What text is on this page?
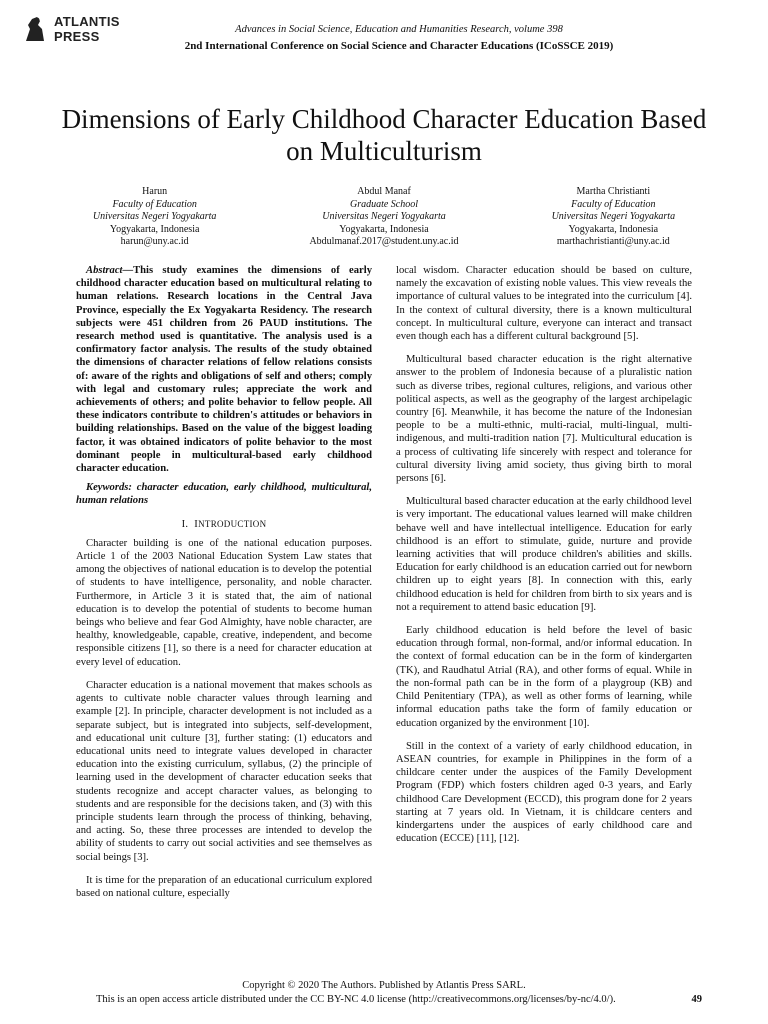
ATLANTIS
PRESS	Advances in Social Science, Education and Humanities Research, volume 398
2nd International Conference on Social Science and Character Educations (ICoSSCE 2019)
Dimensions of Early Childhood Character Education Based on Multiculturism
Harun
Faculty of Education
Universitas Negeri Yogyakarta
Yogyakarta, Indonesia
harun@uny.ac.id
Abdul Manaf
Graduate School
Universitas Negeri Yogyakarta
Yogyakarta, Indonesia
Abdulmanaf.2017@student.uny.ac.id
Martha Christianti
Faculty of Education
Universitas Negeri Yogyakarta
Yogyakarta, Indonesia
marthachristianti@uny.ac.id
Abstract—This study examines the dimensions of early childhood character education based on multicultural relating to human relations. Research locations in the Central Java Province, especially the Ex Yogyakarta Residency. The research subjects were 451 children from 26 PAUD institutions. The research method used is quantitative. The analysis used is a confirmatory factor analysis. The results of the study obtained the dimensions of character relations of fellow relations consists of: aware of the rights and obligations of self and others; comply with legal and customary rules; appreciate the work and achievements of others; and polite behavior to fellow people. All these indicators contribute to children's attitudes or behaviors in building relationships. Based on the value of the biggest loading factor, it was obtained indicators of polite behavior to the most dominant people in multicultural-based early childhood character education.
Keywords: character education, early childhood, multicultural, human relations
I. INTRODUCTION

Character building is one of the national education purposes. Article 1 of the 2003 National Education System Law states that among the objectives of national education is to develop the potential of students to have intelligence, personality, and noble character. Furthermore, in Article 3 it is stated that, the aim of national education is to develop the potential of students to become human beings who believe and fear God Almighty, have noble character, are healthy, knowledgeable, capable, creative, independent, and become responsible citizens [1], so there is a need for character education at every level of education.

Character education is a national movement that makes schools as agents to cultivate noble character values through learning and example [2]. In principle, character development is not included as a separate subject, but is integrated into subjects, self-development, and educational unit culture [3], further stating: (1) educators and educational units need to integrate values developed in character education into the existing curriculum, syllabus, (2) the principle of learning used in the development of character education seeks that students recognize and accept character values, as belonging to students and are responsible for the decisions taken, and (3) with this principle students learn through the process of thinking, behaving, and acting. So, these three processes are intended to develop the ability of students to carry out social activities and see themselves as social beings [3].

It is time for the preparation of an educational curriculum explored based on national culture, especially

local wisdom. Character education should be based on culture, namely the excavation of existing noble values. This view reveals the importance of cultural values to be integrated into the curriculum [4]. In the context of cultural diversity, there is a known multicultural concept. In multicultural culture, everyone can interact and transact even though each has a different cultural background [5].

Multicultural based character education is the right alternative answer to the problem of Indonesia because of a pluralistic nation such as diverse tribes, regional cultures, religions, and various other political aspects, as well as the geography of the largest archipelagic country [6]. Meanwhile, it has become the nature of the Indonesian people to be a multi-ethnic, multi-racial, multi-lingual, multi-indigenous, and multi-tradition nation [7]. Multicultural education is a process of cultivating life sincerely with respect and tolerance for cultural diversity living amid society, thus giving birth to moral persons [6].

Multicultural based character education at the early childhood level is very important. The educational values learned will make children behave well and have intellectual intelligence. Education for early childhood is an effort to stimulate, guide, nurture and provide learning activities that will produce children's abilities and skills. Education for early childhood is an education carried out for newborn children up to eight years [8]. In connection with this, early childhood education is held for children from birth to six years and is not a requirement to attend basic education [9].

Early childhood education is held before the level of basic education through formal, non-formal, and/or informal education. In the context of formal education can be in the form of kindergarten (TK), and Raudhatul Atrial (RA), and other forms of equal. While in the non-formal path can be in the form of a playgroup (KB) and Child Penitentiary (TPA), as well as other forms of learning, while informal education paths take the form of family education or education organized by the environment [10].

Still in the context of a variety of early childhood education, in ASEAN countries, for example in Philippines in the form of a childcare center under the auspices of the Family Development Program (FDP) which fosters children aged 0-3 years, and Early childhood Care Development (ECCD), this program done for 2 years starting at 7 years old. In Vietnam, it is childcare centers and kindergartens under the auspices of early childhood care and education (ECCE) [11], [12].

Copyright © 2020 The Authors. Published by Atlantis Press SARL.
This is an open access article distributed under the CC BY-NC 4.0 license (http://creativecommons.org/licenses/by-nc/4.0/).	49
